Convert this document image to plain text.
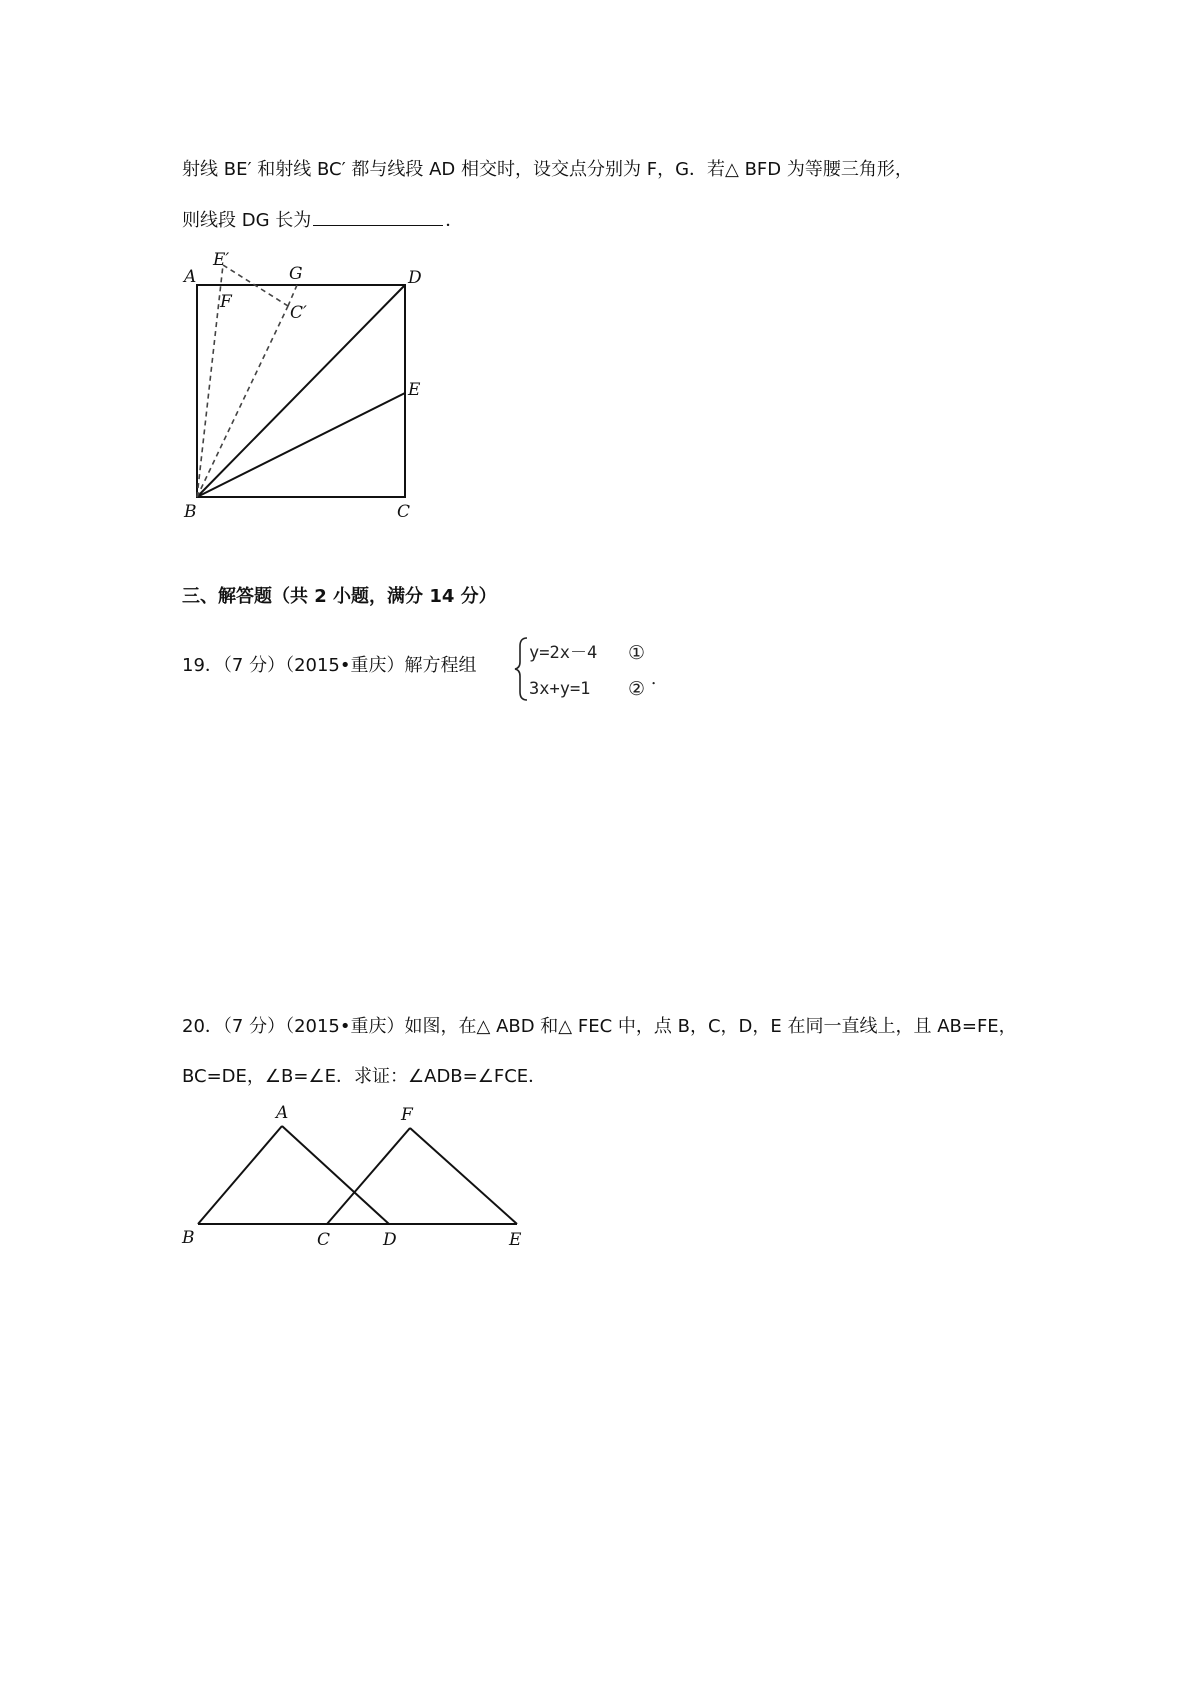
射线 BE′ 和射线 BC′ 都与线段 AD 相交时，设交点分别为 F，G．若△ BFD 为等腰三角形，
则线段 DG 长为	．
A
E′
G	D
F
C′
E
B	C
三、解答题（共 2 小题，满分 14 分）
19．（7 分）（2015•重庆）解方程组
y=2x－4 ①
3x+y=1 ② ．
20．（7 分）（2015•重庆）如图，在△ ABD 和△ FEC 中，点 B，C，D，E 在同一直线上，且 AB=FE，
BC=DE，∠B=∠E．求证：∠ADB=∠FCE．
A	F
B	C	D	E
